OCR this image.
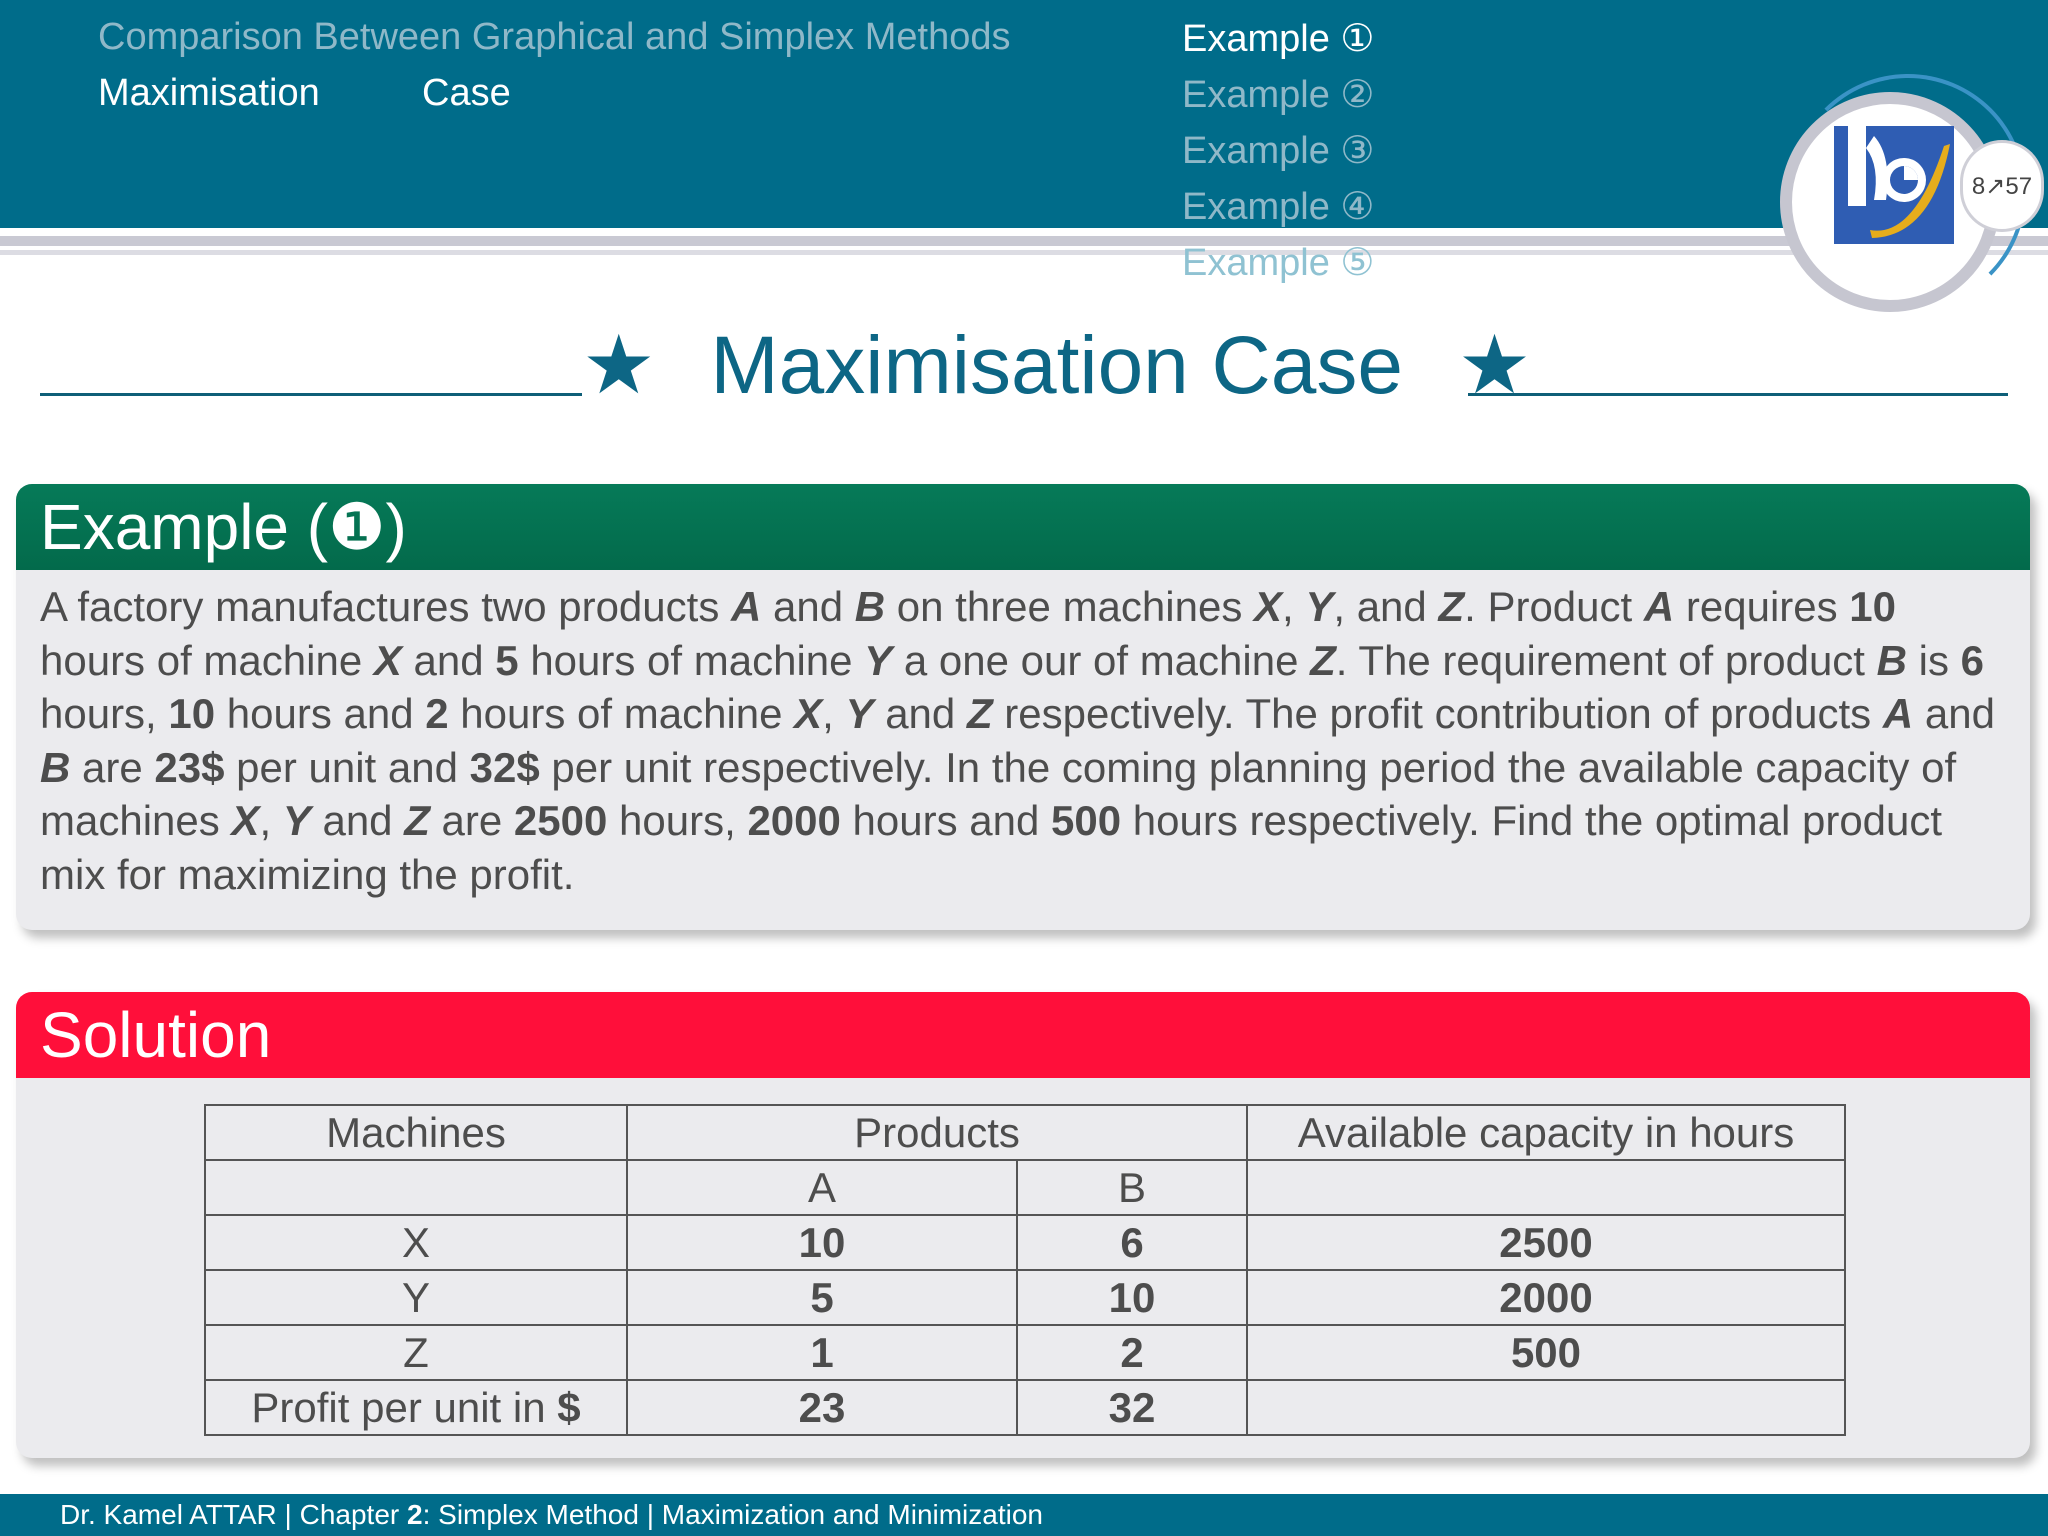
Comparison Between Graphical and Simplex Methods
Maximisation	Case
Example ①
Example ②
Example ③
Example ④
Example ⑤
8↗57
★ Maximisation Case ★
Example (❶)
A factory manufactures two products A and B on three machines X, Y, and Z. Product A requires 10 hours of machine X and 5 hours of machine Y a one our of machine Z. The requirement of product B is 6 hours, 10 hours and 2 hours of machine X, Y and Z respectively. The profit contribution of products A and B are 23$ per unit and 32$ per unit respectively. In the coming planning period the available capacity of machines X, Y and Z are 2500 hours, 2000 hours and 500 hours respectively. Find the optimal product mix for maximizing the profit.
Solution
Machines	Products		Available capacity in hours
	A	B	
X	10	6	2500
Y	5	10	2000
Z	1	2	500
Profit per unit in $	23	32	
Dr. Kamel ATTAR | Chapter 2: Simplex Method | Maximization and Minimization
